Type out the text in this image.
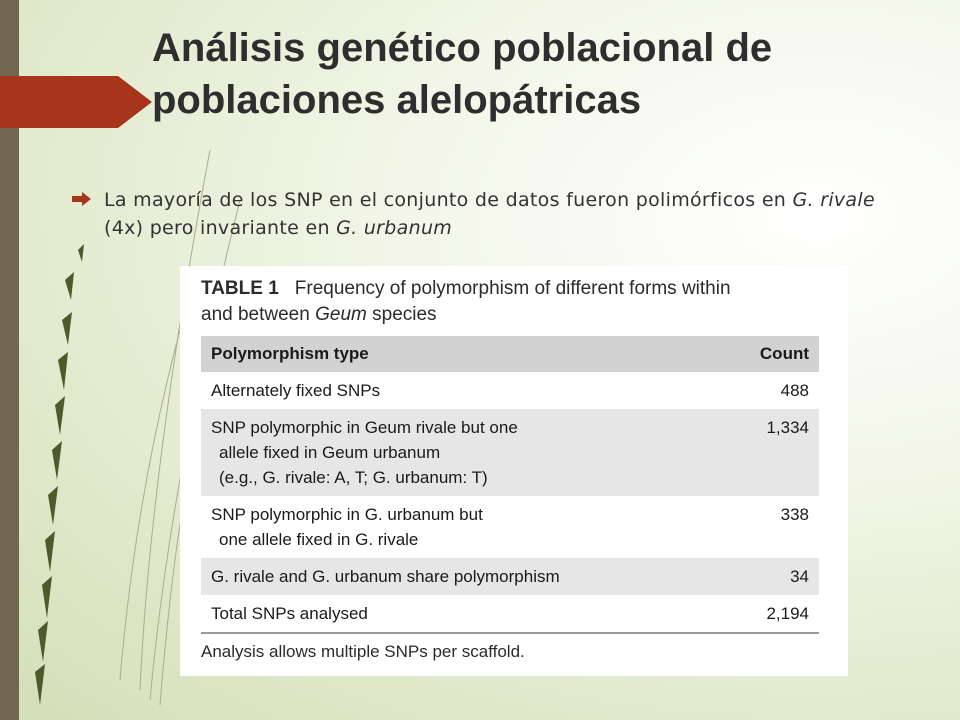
Análisis genético poblacional de
poblaciones alelopátricas
La mayoría de los SNP en el conjunto de datos fueron polimórficos en G. rivale (4x) pero invariante en G. urbanum
TABLE 1 Frequency of polymorphism of different forms within
and between Geum species
Polymorphism type	Count

Alternately fixed SNPs	488

SNP polymorphic in Geum rivale but one
allele fixed in Geum urbanum
(e.g., G. rivale: A, T; G. urbanum: T)	1,334

SNP polymorphic in G. urbanum but
one allele fixed in G. rivale	338

G. rivale and G. urbanum share polymorphism	34

Total SNPs analysed	2,194
Analysis allows multiple SNPs per scaffold.
